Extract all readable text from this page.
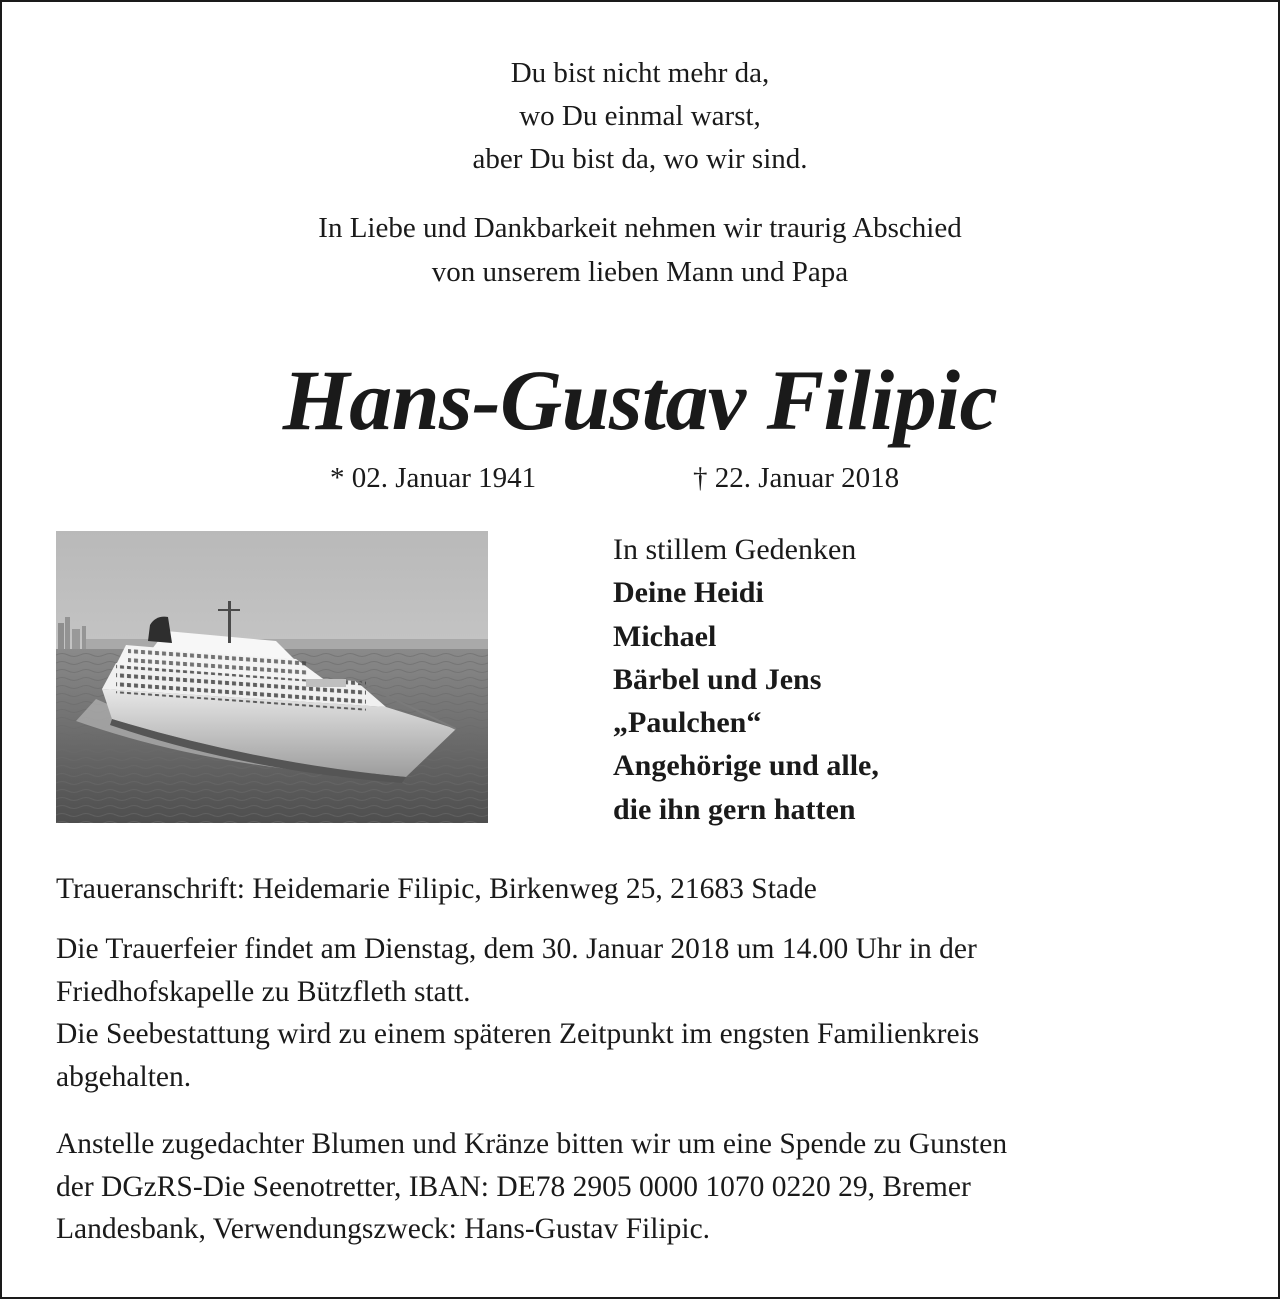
Du bist nicht mehr da,
wo Du einmal warst,
aber Du bist da, wo wir sind.
In Liebe und Dankbarkeit nehmen wir traurig Abschied
von unserem lieben Mann und Papa
Hans-Gustav Filipic
* 02. Januar 1941	† 22. Januar 2018
In stillem Gedenken
Deine Heidi
Michael
Bärbel und Jens
„Paulchen“
Angehörige und alle,
die ihn gern hatten
Traueranschrift: Heidemarie Filipic, Birkenweg 25, 21683 Stade
Die Trauerfeier findet am Dienstag, dem 30. Januar 2018 um 14.00 Uhr in der
Friedhofskapelle zu Bützfleth statt.
Die Seebestattung wird zu einem späteren Zeitpunkt im engsten Familienkreis
abgehalten.
Anstelle zugedachter Blumen und Kränze bitten wir um eine Spende zu Gunsten
der DGzRS-Die Seenotretter, IBAN: DE78 2905 0000 1070 0220 29, Bremer
Landesbank, Verwendungszweck: Hans-Gustav Filipic.
